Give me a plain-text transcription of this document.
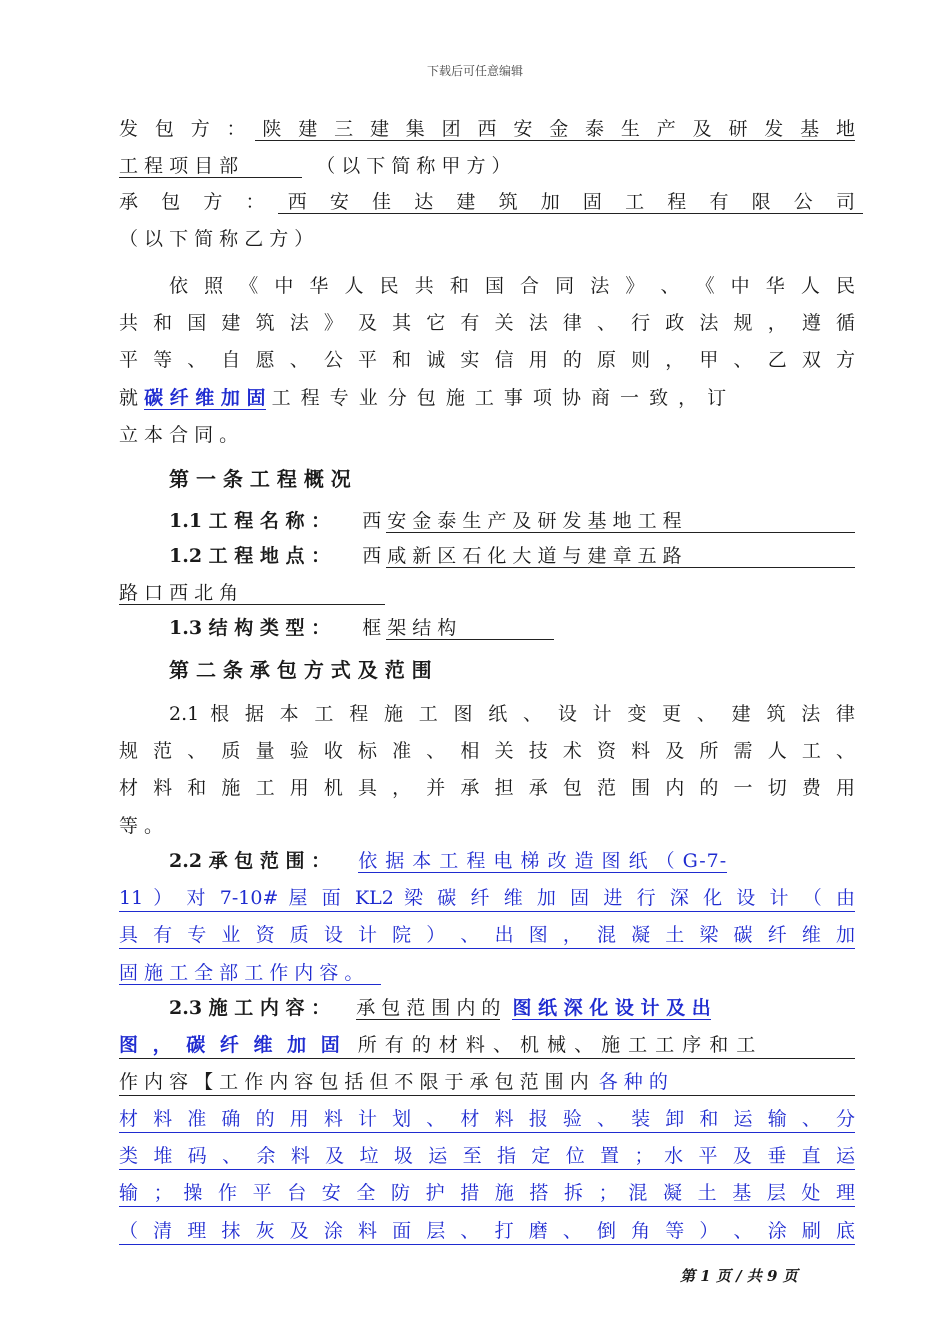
下载后可任意编辑
发 包 方 ： 陕 建 三 建 集 团 西 安 金 泰 生 产 及 研 发 基 地
工 程 项 目 部	（ 以 下 简 称 甲 方 ）
承 包 方 ： 西 安 佳 达 建 筑 加 固 工 程 有 限 公 司
（ 以 下 简 称 乙 方 ）
依 照 《 中 华 人 民 共 和 国 合 同 法 》 、 《 中 华 人 民
共 和 国 建 筑 法 》 及 其 它 有 关 法 律 、 行 政 法 规 ， 遵 循
平 等 、 自 愿 、 公 平 和 诚 实 信 用 的 原 则 ， 甲 、 乙 双 方
就 碳 纤 维 加 固 工 程 专 业 分 包 施 工 事 项 协 商 一 致 ， 订
立 本 合 同 。
第 一 条 工 程 概 况
1.1 工 程 名 称 ： 西 安 金 泰 生 产 及 研 发 基 地 工 程
1.2 工 程 地 点 ： 西 咸 新 区 石 化 大 道 与 建 章 五 路
路 口 西 北 角
1.3 结 构 类 型 ： 框 架 结 构
第 二 条 承 包 方 式 及 范 围
2.1 根 据 本 工 程 施 工 图 纸 、 设 计 变 更 、 建 筑 法 律
规 范 、 质 量 验 收 标 准 、 相 关 技 术 资 料 及 所 需 人 工 、
材 料 和 施 工 用 机 具 ， 并 承 担 承 包 范 围 内 的 一 切 费 用
等 。
2.2 承 包 范 围 ： 依 据 本 工 程 电 梯 改 造 图 纸 （ G-7-
11 ） 对 7-10# 屋 面 KL2 梁 碳 纤 维 加 固 进 行 深 化 设 计 （ 由
具 有 专 业 资 质 设 计 院 ） 、 出 图 ， 混 凝 土 梁 碳 纤 维 加
固 施 工 全 部 工 作 内 容 。
2.3 施 工 内 容 ： 承 包 范 围 内 的 图 纸 深 化 设 计 及 出
图 ， 碳 纤 维 加 固 所 有 的 材 料 、 机 械 、 施 工 工 序 和 工
作 内 容 【 工 作 内 容 包 括 但 不 限 于 承 包 范 围 内 各 种 的
材 料 准 确 的 用 料 计 划 、 材 料 报 验 、 装 卸 和 运 输 、 分
类 堆 码 、 余 料 及 垃 圾 运 至 指 定 位 置 ； 水 平 及 垂 直 运
输 ； 操 作 平 台 安 全 防 护 措 施 搭 拆 ； 混 凝 土 基 层 处 理
（ 清 理 抹 灰 及 涂 料 面 层 、 打 磨 、 倒 角 等 ） 、 涂 刷 底
第 1 页 / 共 9 页
